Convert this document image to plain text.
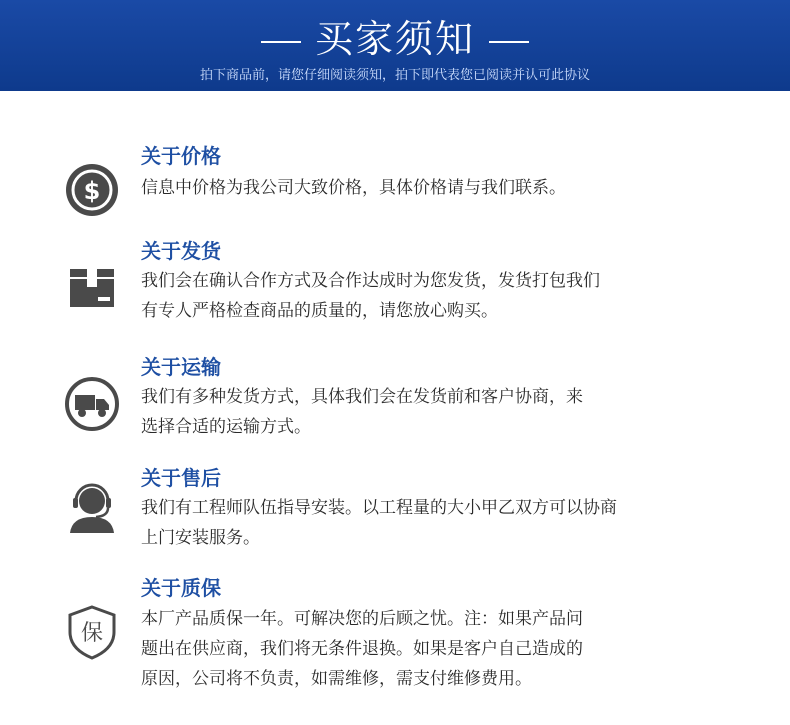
买家须知
拍下商品前，请您仔细阅读须知，拍下即代表您已阅读并认可此协议
$
关于价格
信息中价格为我公司大致价格，具体价格请与我们联系。
关于发货
我们会在确认合作方式及合作达成时为您发货，发货打包我们
有专人严格检查商品的质量的，请您放心购买。
关于运输
我们有多种发货方式，具体我们会在发货前和客户协商，来
选择合适的运输方式。
关于售后
我们有工程师队伍指导安装。以工程量的大小甲乙双方可以协商
上门安装服务。
保
关于质保
本厂产品质保一年。可解决您的后顾之忧。注：如果产品问
题出在供应商，我们将无条件退换。如果是客户自己造成的
原因，公司将不负责，如需维修，需支付维修费用。
